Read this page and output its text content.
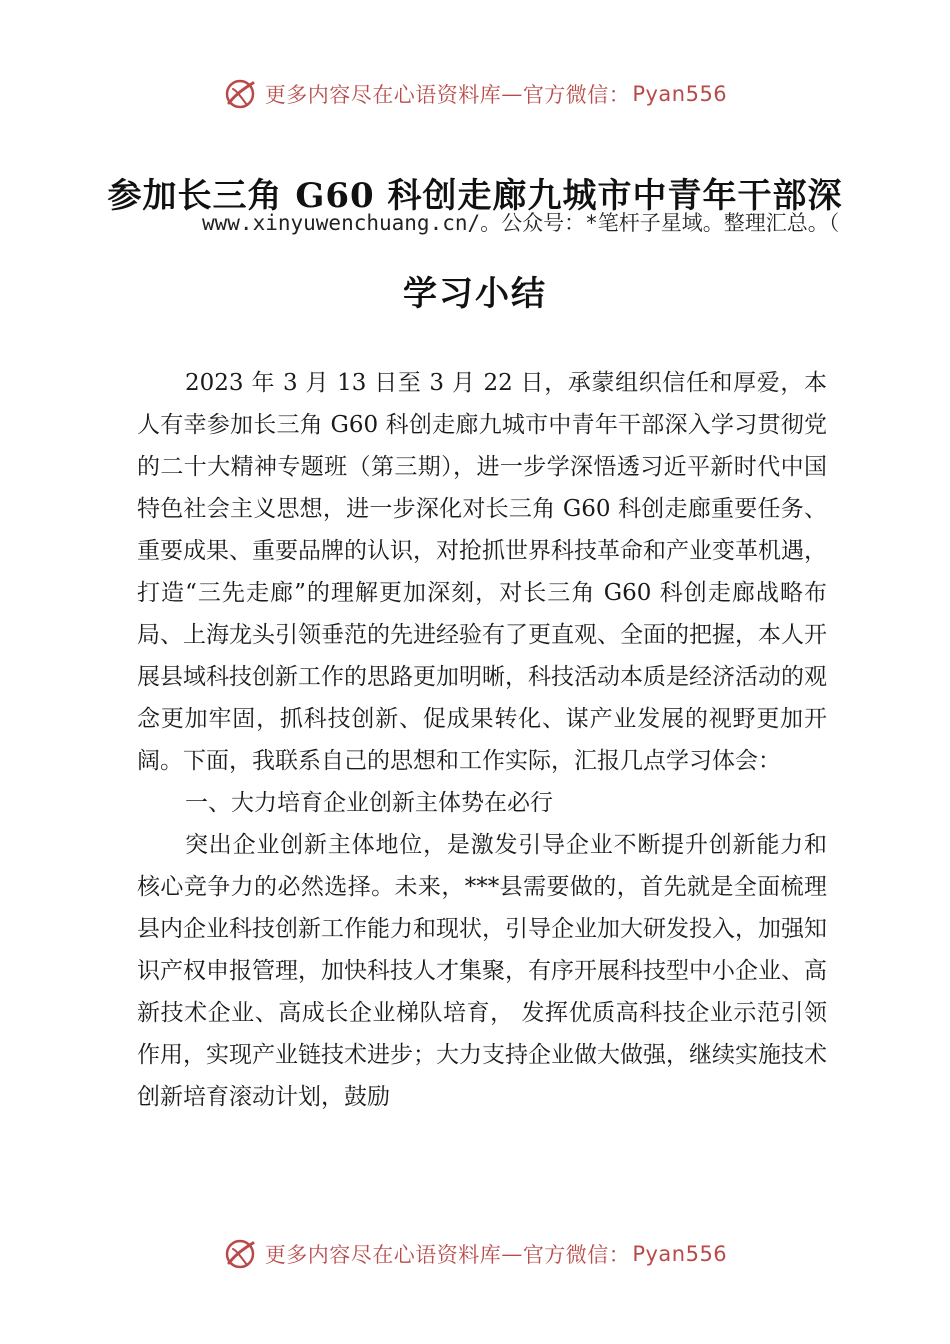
更多内容尽在心语资料库 — 官方微信： Pyan556
参加长三角 G60 科创走廊九城市中青年干部深
www.xinyuwenchuang.cn/。公众号：*笔杆子星域。整理汇总。（
学习小结

2023 年 3 月 13 日至 3 月 22 日，承蒙组织信任和厚爱，本人有幸参加长三角 G60 科创走廊九城市中青年干部深入学习贯彻党的二十大精神专题班（第三期），进一步学深悟透习近平新时代中国特色社会主义思想，进一步深化对长三角 G60 科创走廊重要任务、重要成果、重要品牌的认识，对抢抓世界科技革命和产业变革机遇，打造“三先走廊”的理解更加深刻，对长三角 G60 科创走廊战略布局、上海龙头引领垂范的先进经验有了更直观、全面的把握，本人开展县域科技创新工作的思路更加明晰，科技活动本质是经济活动的观念更加牢固，抓科技创新、促成果转化、谋产业发展的视野更加开阔。下面，我联系自己的思想和工作实际，汇报几点学习体会：

一、大力培育企业创新主体势在必行

突出企业创新主体地位，是激发引导企业不断提升创新能力和核心竞争力的必然选择。未来，***县需要做的，首先就是全面梳理县内企业科技创新工作能力和现状，引导企业加大研发投入，加强知识产权申报管理，加快科技人才集聚，有序开展科技型中小企业、高新技术企业、高成长企业梯队培育， 发挥优质高科技企业示范引领作用，实现产业链技术进步；大力支持企业做大做强，继续实施技术创新培育滚动计划，鼓励

更多内容尽在心语资料库 — 官方微信： Pyan556
